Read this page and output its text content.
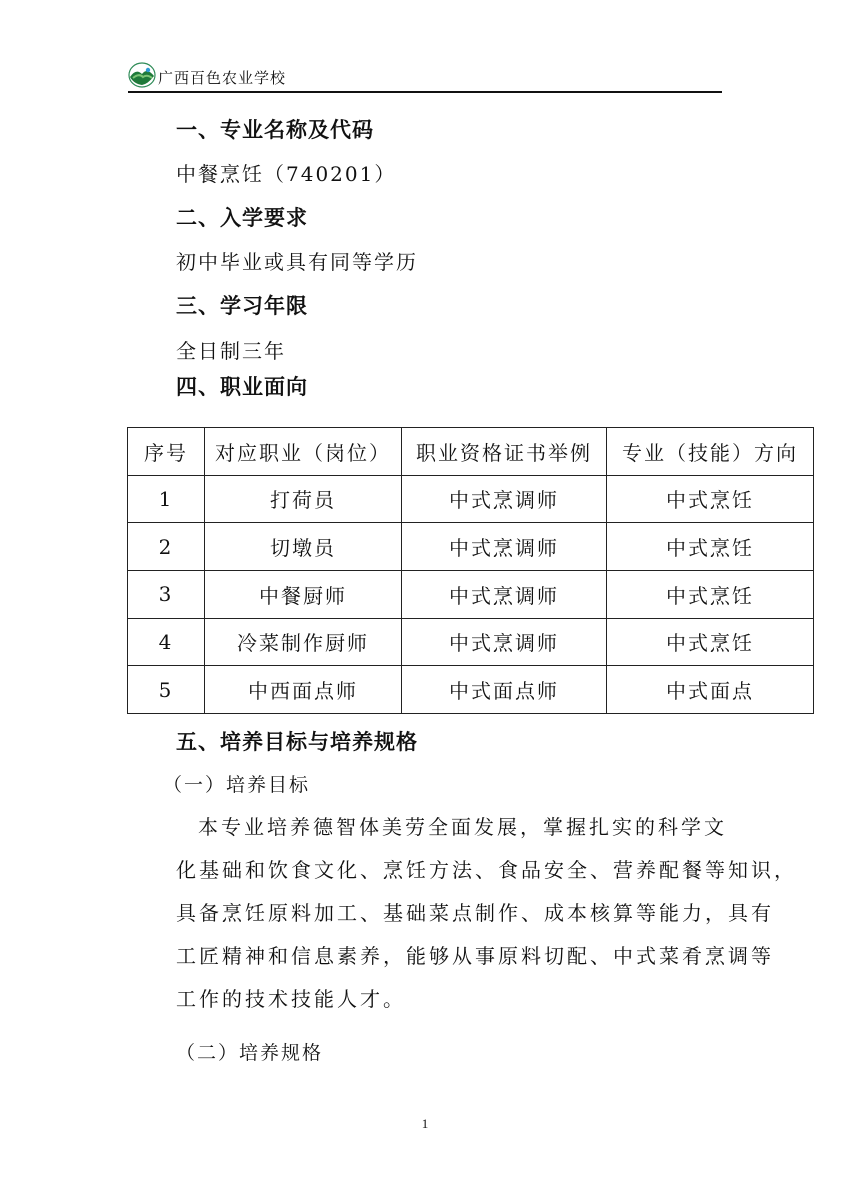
广西百色农业学校
一、专业名称及代码
中餐烹饪（740201）
二、入学要求
初中毕业或具有同等学历
三、学习年限
全日制三年
四、职业面向
序号	对应职业（岗位）	职业资格证书举例	专业（技能）方向
1	打荷员	中式烹调师	中式烹饪
2	切墩员	中式烹调师	中式烹饪
3	中餐厨师	中式烹调师	中式烹饪
4	冷菜制作厨师	中式烹调师	中式烹饪
5	中西面点师	中式面点师	中式面点
五、培养目标与培养规格
（一）培养目标
本专业培养德智体美劳全面发展，掌握扎实的科学文
化基础和饮食文化、烹饪方法、食品安全、营养配餐等知识，
具备烹饪原料加工、基础菜点制作、成本核算等能力，具有
工匠精神和信息素养，能够从事原料切配、中式菜肴烹调等
工作的技术技能人才。
（二）培养规格
1
